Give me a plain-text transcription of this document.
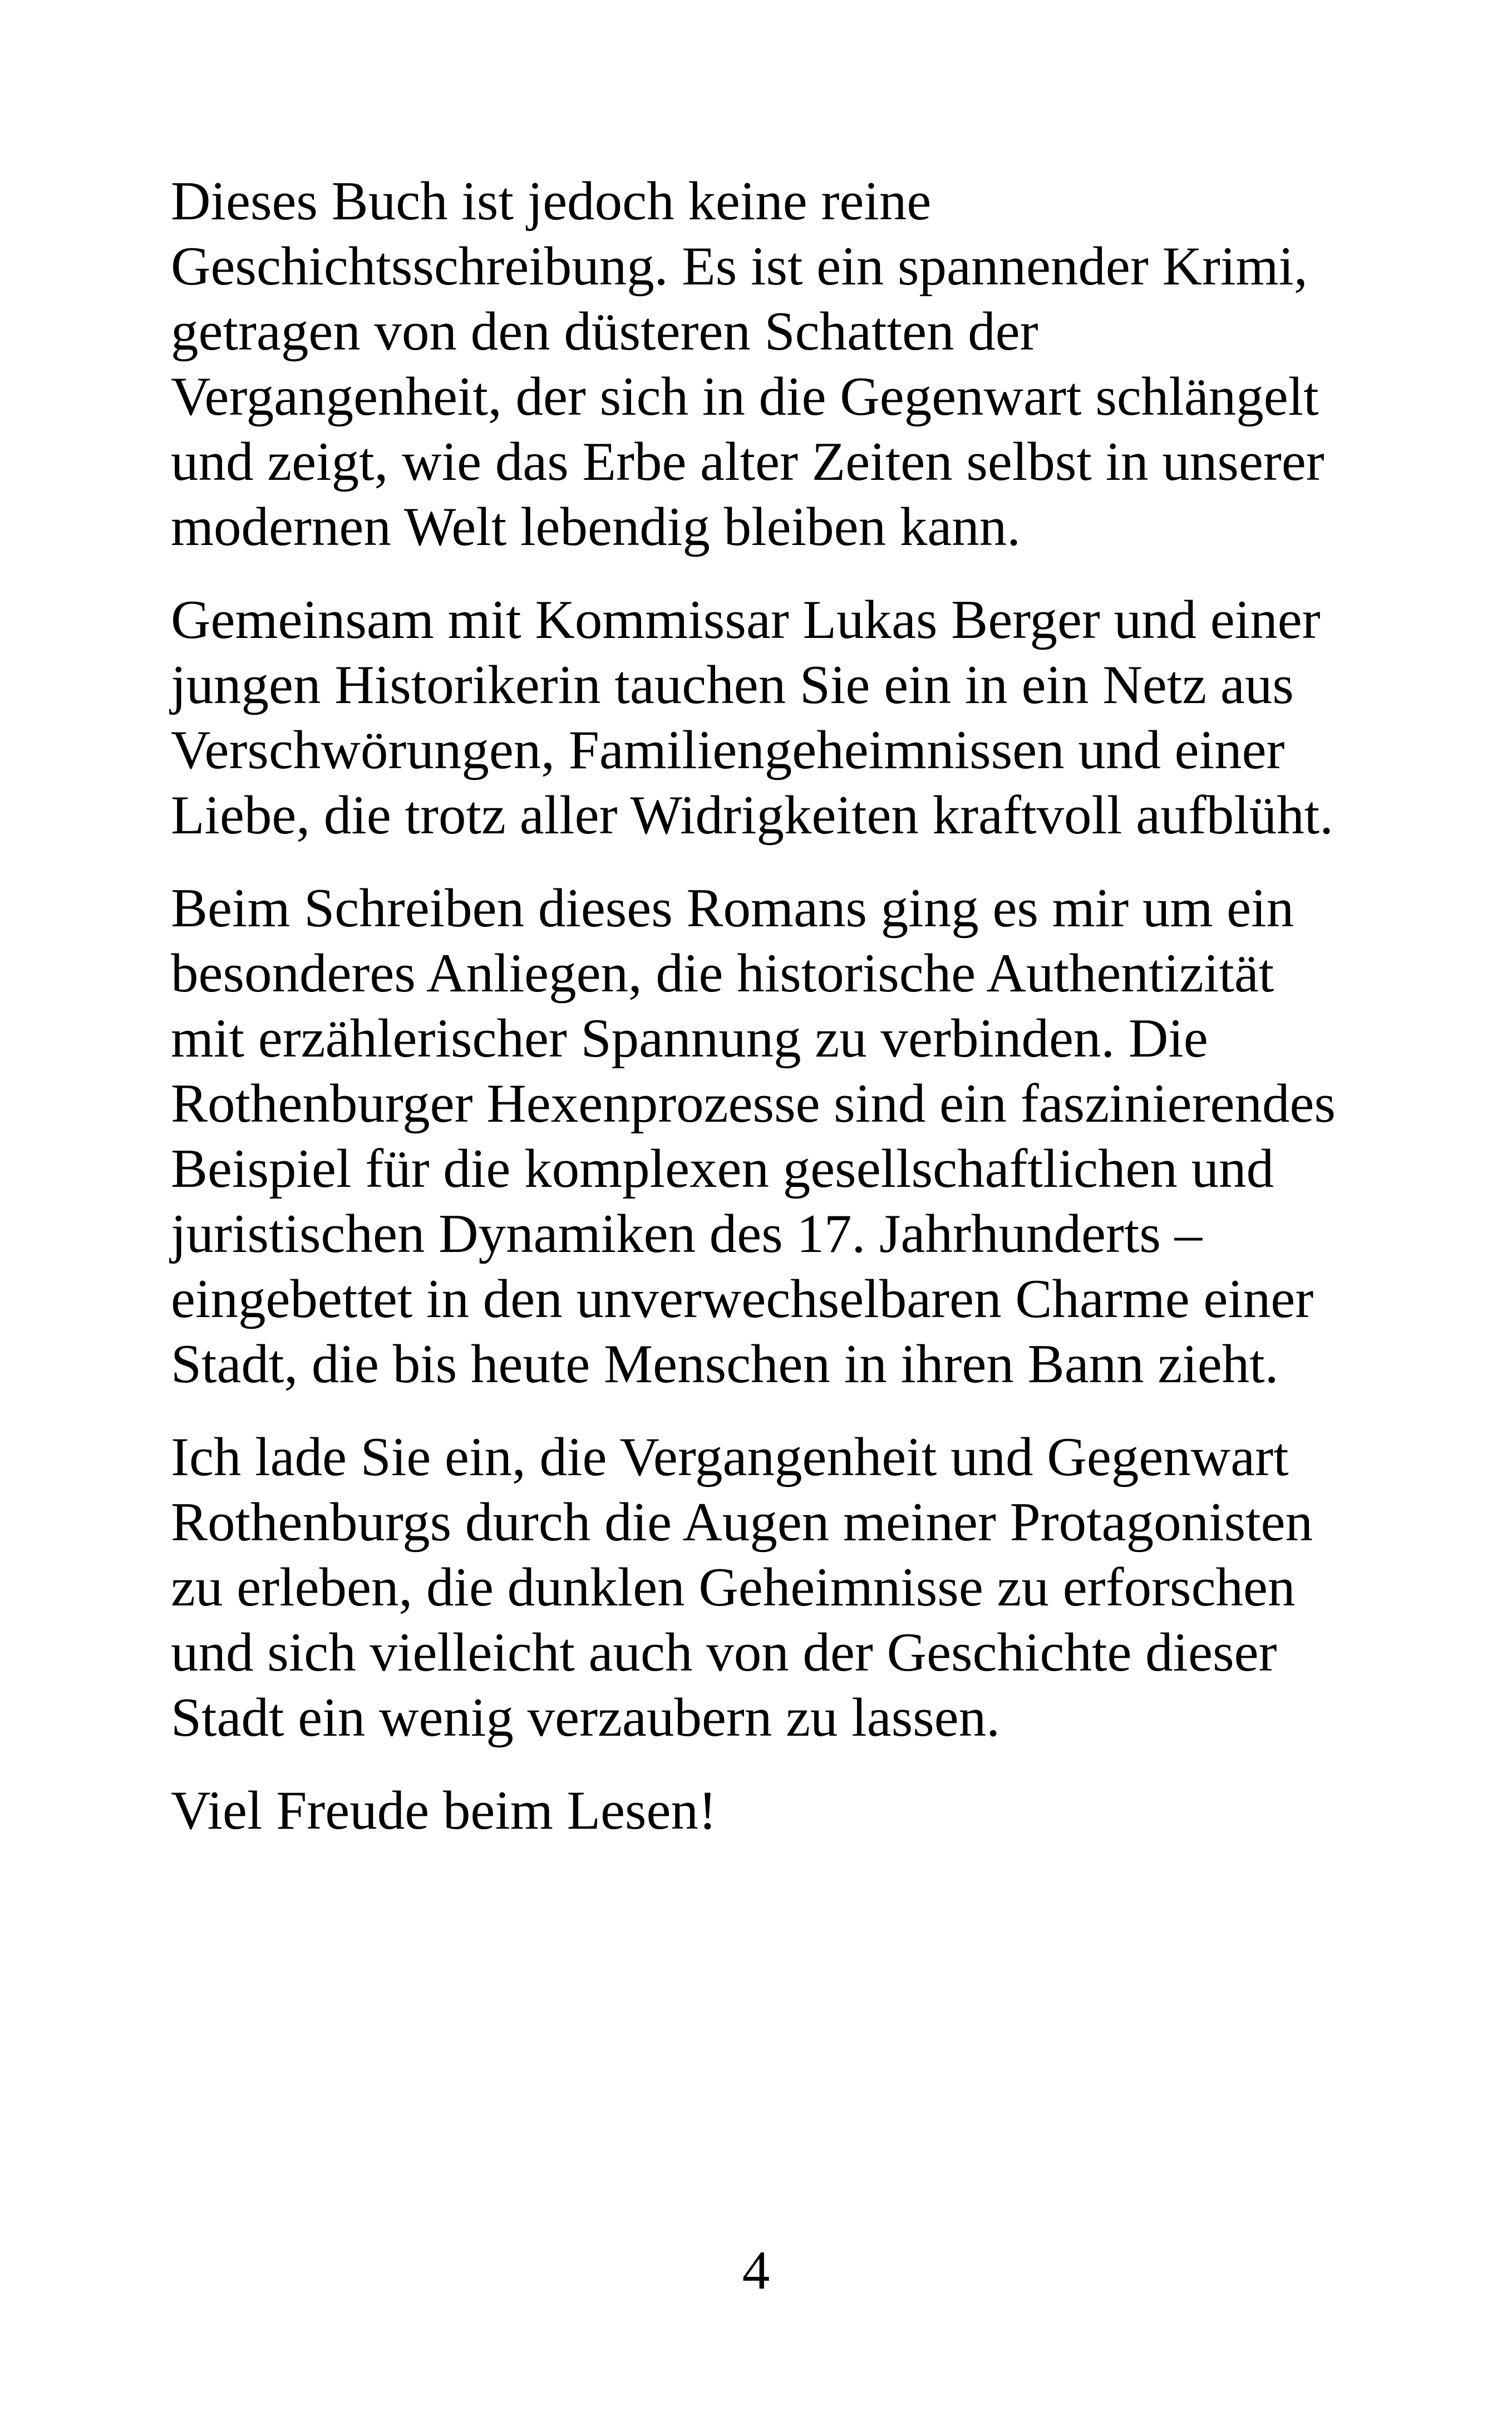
Dieses Buch ist jedoch keine reine
Geschichtsschreibung. Es ist ein spannender Krimi,
getragen von den düsteren Schatten der
Vergangenheit, der sich in die Gegenwart schlängelt
und zeigt, wie das Erbe alter Zeiten selbst in unserer
modernen Welt lebendig bleiben kann.

Gemeinsam mit Kommissar Lukas Berger und einer
jungen Historikerin tauchen Sie ein in ein Netz aus
Verschwörungen, Familiengeheimnissen und einer
Liebe, die trotz aller Widrigkeiten kraftvoll aufblüht.

Beim Schreiben dieses Romans ging es mir um ein
besonderes Anliegen, die historische Authentizität
mit erzählerischer Spannung zu verbinden. Die
Rothenburger Hexenprozesse sind ein faszinierendes
Beispiel für die komplexen gesellschaftlichen und
juristischen Dynamiken des 17. Jahrhunderts –
eingebettet in den unverwechselbaren Charme einer
Stadt, die bis heute Menschen in ihren Bann zieht.

Ich lade Sie ein, die Vergangenheit und Gegenwart
Rothenburgs durch die Augen meiner Protagonisten
zu erleben, die dunklen Geheimnisse zu erforschen
und sich vielleicht auch von der Geschichte dieser
Stadt ein wenig verzaubern zu lassen.

Viel Freude beim Lesen!

4
